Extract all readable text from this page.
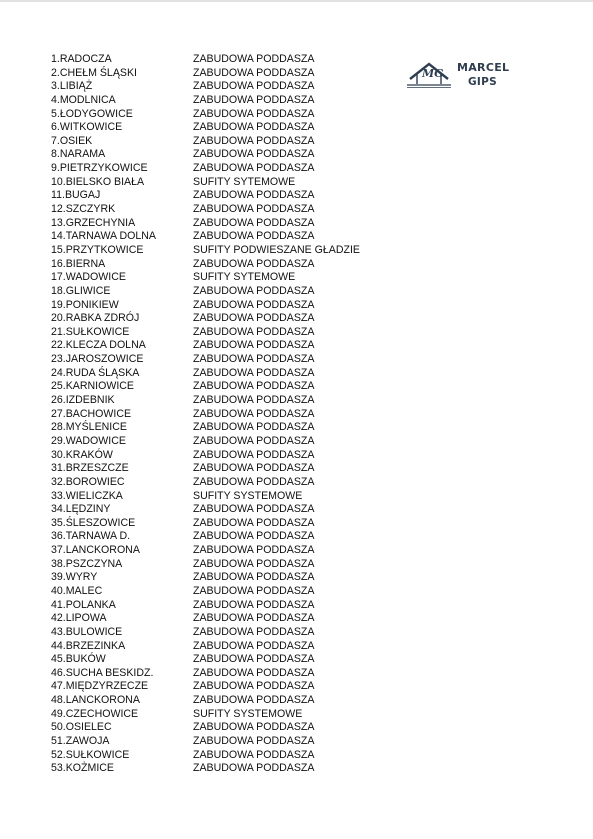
MG MARCEL
GIPS
1.RADOCZA	ZABUDOWA PODDASZA
2.CHEŁM ŚLĄSKI	ZABUDOWA PODDASZA
3.LIBIĄŻ	ZABUDOWA PODDASZA
4.MODLNICA	ZABUDOWA PODDASZA
5.ŁODYGOWICE	ZABUDOWA PODDASZA
6.WITKOWICE	ZABUDOWA PODDASZA
7.OSIEK	ZABUDOWA PODDASZA
8.NARAMA	ZABUDOWA PODDASZA
9.PIETRZYKOWICE	ZABUDOWA PODDASZA
10.BIELSKO BIAŁA	SUFITY SYTEMOWE
11.BUGAJ	ZABUDOWA PODDASZA
12.SZCZYRK	ZABUDOWA PODDASZA
13.GRZECHYNIA	ZABUDOWA PODDASZA
14.TARNAWA DOLNA	ZABUDOWA PODDASZA
15.PRZYTKOWICE	SUFITY PODWIESZANE GŁADZIE
16.BIERNA	ZABUDOWA PODDASZA
17.WADOWICE	SUFITY SYTEMOWE
18.GLIWICE	ZABUDOWA PODDASZA
19.PONIKIEW	ZABUDOWA PODDASZA
20.RABKA ZDRÓJ	ZABUDOWA PODDASZA
21.SUŁKOWICE	ZABUDOWA PODDASZA
22.KLECZA DOLNA	ZABUDOWA PODDASZA
23.JAROSZOWICE	ZABUDOWA PODDASZA
24.RUDA ŚLĄSKA	ZABUDOWA PODDASZA
25.KARNIOWICE	ZABUDOWA PODDASZA
26.IZDEBNIK	ZABUDOWA PODDASZA
27.BACHOWICE	ZABUDOWA PODDASZA
28.MYŚLENICE	ZABUDOWA PODDASZA
29.WADOWICE	ZABUDOWA PODDASZA
30.KRAKÓW	ZABUDOWA PODDASZA
31.BRZESZCZE	ZABUDOWA PODDASZA
32.BOROWIEC	ZABUDOWA PODDASZA
33.WIELICZKA	SUFITY SYSTEMOWE
34.LĘDZINY	ZABUDOWA PODDASZA
35.ŚLESZOWICE	ZABUDOWA PODDASZA
36.TARNAWA D.	ZABUDOWA PODDASZA
37.LANCKORONA	ZABUDOWA PODDASZA
38.PSZCZYNA	ZABUDOWA PODDASZA
39.WYRY	ZABUDOWA PODDASZA
40.MALEC	ZABUDOWA PODDASZA
41.POLANKA	ZABUDOWA PODDASZA
42.LIPOWA	ZABUDOWA PODDASZA
43.BULOWICE	ZABUDOWA PODDASZA
44.BRZEZINKA	ZABUDOWA PODDASZA
45.BUKÓW	ZABUDOWA PODDASZA
46.SUCHA BESKIDZ.	ZABUDOWA PODDASZA
47.MIĘDZYRZECZE	ZABUDOWA PODDASZA
48.LANCKORONA	ZABUDOWA PODDASZA
49.CZECHOWICE	SUFITY SYSTEMOWE
50.OSIELEC	ZABUDOWA PODDASZA
51.ZAWOJA	ZABUDOWA PODDASZA
52.SUŁKOWICE	ZABUDOWA PODDASZA
53.KOŻMICE	ZABUDOWA PODDASZA
